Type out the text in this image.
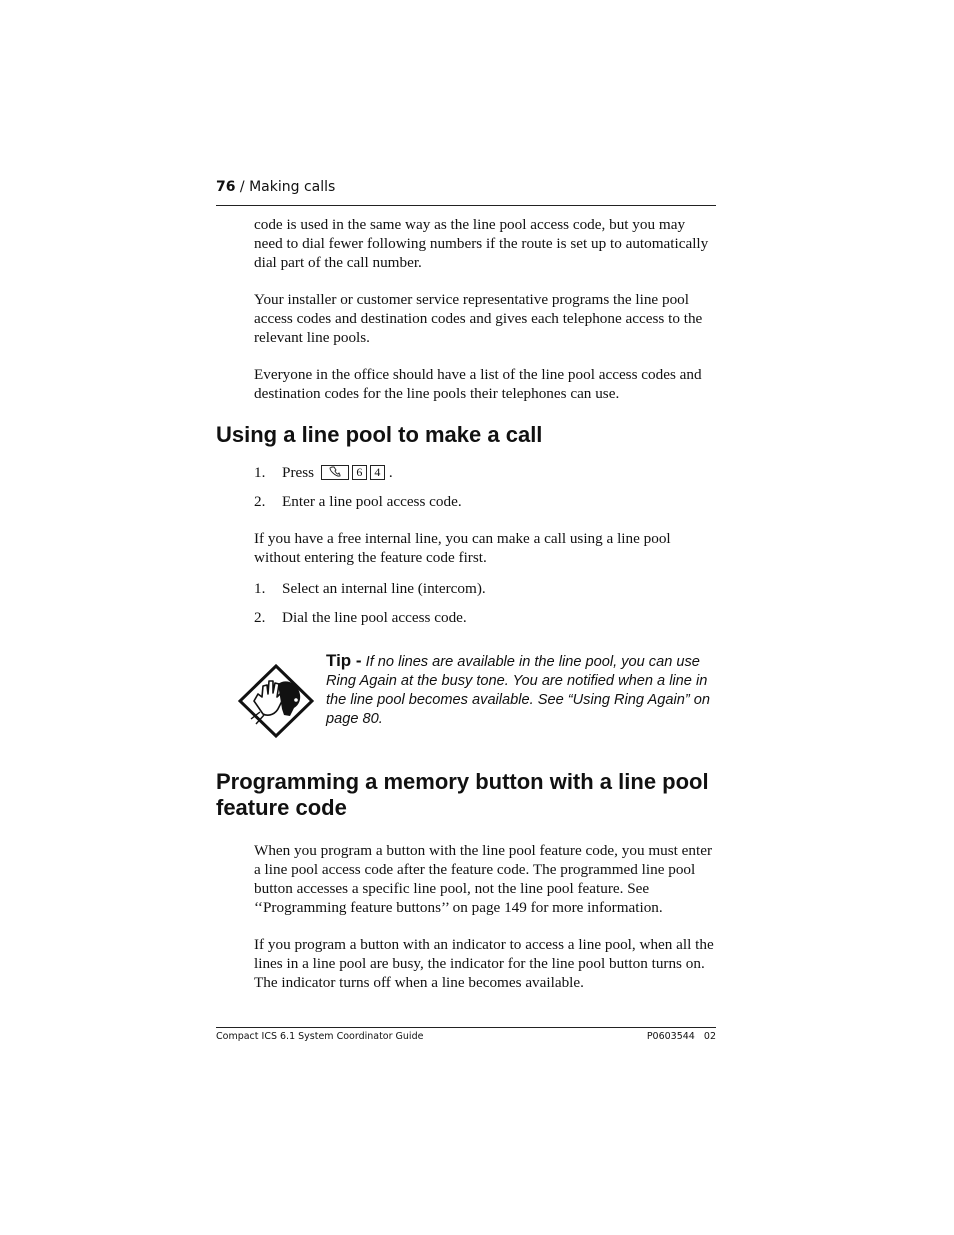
76 / Making calls
code is used in the same way as the line pool access code, but you may need to dial fewer following numbers if the route is set up to automatically dial part of the call number.
Your installer or customer service representative programs the line pool access codes and destination codes and gives each telephone access to the relevant line pools.
Everyone in the office should have a list of the line pool access codes and destination codes for the line pools their telephones can use.
Using a line pool to make a call
1. Press	6 4 .
2. Enter a line pool access code.
If you have a free internal line, you can make a call using a line pool without entering the feature code first.
1. Select an internal line (intercom).
2. Dial the line pool access code.
Tip - If no lines are available in the line pool, you can use Ring Again at the busy tone. You are notified when a line in the line pool becomes available. See “Using Ring Again” on page 80.
Programming a memory button with a line pool
feature code
When you program a button with the line pool feature code, you must enter a line pool access code after the feature code. The programmed line pool button accesses a specific line pool, not the line pool feature. See ‘‘Programming feature buttons’’ on page 149 for more information.
If you program a button with an indicator to access a line pool, when all the lines in a line pool are busy, the indicator for the line pool button turns on. The indicator turns off when a line becomes available.
Compact ICS 6.1 System Coordinator Guide	P0603544   02
